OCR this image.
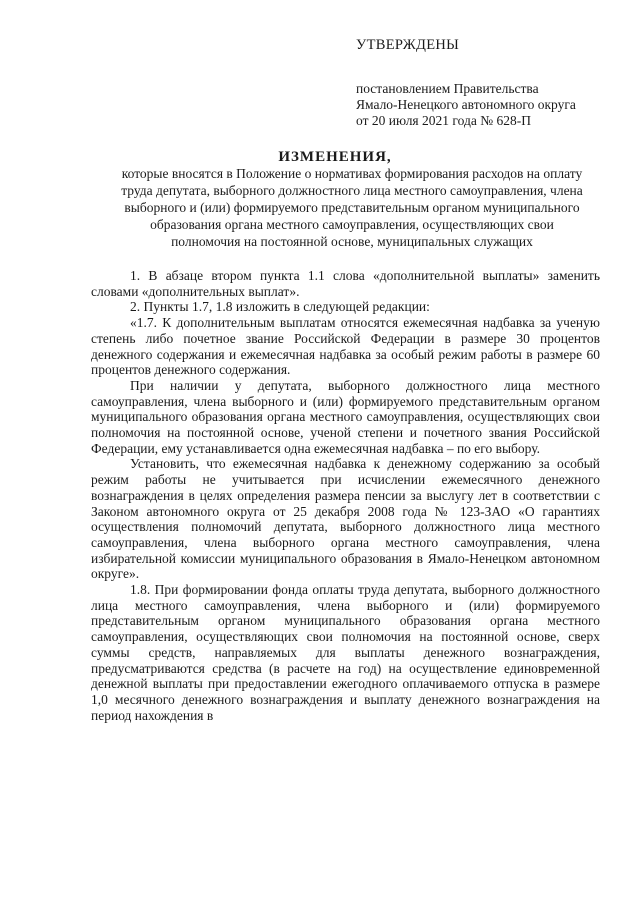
УТВЕРЖДЕНЫ
постановлением Правительства
Ямало-Ненецкого автономного округа
от 20 июля 2021 года № 628-П
ИЗМЕНЕНИЯ,
которые вносятся в Положение о нормативах формирования расходов на оплату
труда депутата, выборного должностного лица местного самоуправления, члена
выборного и (или) формируемого представительным органом муниципального
образования органа местного самоуправления, осуществляющих свои
полномочия на постоянной основе, муниципальных служащих

1. В абзаце втором пункта 1.1 слова «дополнительной выплаты» заменить словами «дополнительных выплат».

2. Пункты 1.7, 1.8 изложить в следующей редакции:

«1.7. К дополнительным выплатам относятся ежемесячная надбавка за ученую степень либо почетное звание Российской Федерации в размере 30 процентов денежного содержания и ежемесячная надбавка за особый режим работы в размере 60 процентов денежного содержания.

При наличии у депутата, выборного должностного лица местного самоуправления, члена выборного и (или) формируемого представительным органом муниципального образования органа местного самоуправления, осуществляющих свои полномочия на постоянной основе, ученой степени и почетного звания Российской Федерации, ему устанавливается одна ежемесячная надбавка – по его выбору.

Установить, что ежемесячная надбавка к денежному содержанию за особый режим работы не учитывается при исчислении ежемесячного денежного вознаграждения в целях определения размера пенсии за выслугу лет в соответствии с Законом автономного округа от 25 декабря 2008 года № 123-ЗАО «О гарантиях осуществления полномочий депутата, выборного должностного лица местного самоуправления, члена выборного органа местного самоуправления, члена избирательной комиссии муниципального образования в Ямало-Ненецком автономном округе».

1.8. При формировании фонда оплаты труда депутата, выборного должностного лица местного самоуправления, члена выборного и (или) формируемого представительным органом муниципального образования органа местного самоуправления, осуществляющих свои полномочия на постоянной основе, сверх суммы средств, направляемых для выплаты денежного вознаграждения, предусматриваются средства (в расчете на год) на осуществление единовременной денежной выплаты при предоставлении ежегодного оплачиваемого отпуска в размере 1,0 месячного денежного вознаграждения и выплату денежного вознаграждения на период нахождения в
